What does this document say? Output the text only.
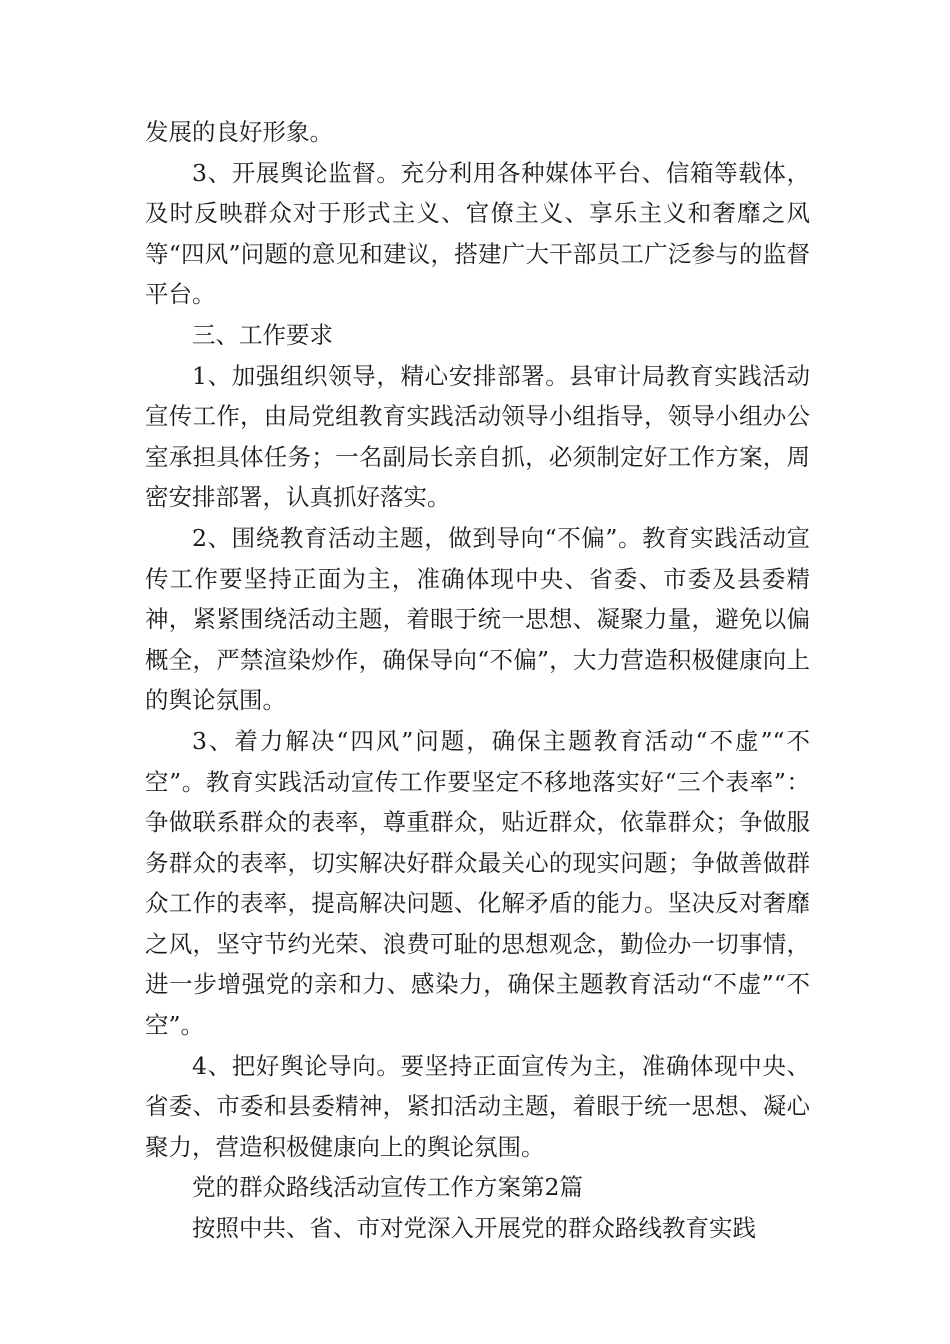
发展的良好形象。

3、开展舆论监督。充分利用各种媒体平台、信箱等载体，及时反映群众对于形式主义、官僚主义、享乐主义和奢靡之风等“四风”问题的意见和建议，搭建广大干部员工广泛参与的监督平台。

三、工作要求

1、加强组织领导，精心安排部署。县审计局教育实践活动宣传工作，由局党组教育实践活动领导小组指导，领导小组办公室承担具体任务；一名副局长亲自抓，必须制定好工作方案，周密安排部署，认真抓好落实。

2、围绕教育活动主题，做到导向“不偏”。教育实践活动宣传工作要坚持正面为主，准确体现中央、省委、市委及县委精神，紧紧围绕活动主题，着眼于统一思想、凝聚力量，避免以偏概全，严禁渲染炒作，确保导向“不偏”，大力营造积极健康向上的舆论氛围。

3、着力解决“四风”问题，确保主题教育活动“不虚”“不空”。教育实践活动宣传工作要坚定不移地落实好“三个表率”：争做联系群众的表率，尊重群众，贴近群众，依靠群众；争做服务群众的表率，切实解决好群众最关心的现实问题；争做善做群众工作的表率，提高解决问题、化解矛盾的能力。坚决反对奢靡之风，坚守节约光荣、浪费可耻的思想观念，勤俭办一切事情，进一步增强党的亲和力、感染力，确保主题教育活动“不虚”“不空”。

4、把好舆论导向。要坚持正面宣传为主，准确体现中央、省委、市委和县委精神，紧扣活动主题，着眼于统一思想、凝心聚力，营造积极健康向上的舆论氛围。

党的群众路线活动宣传工作方案第2篇

按照中共、省、市对党深入开展党的群众路线教育实践
